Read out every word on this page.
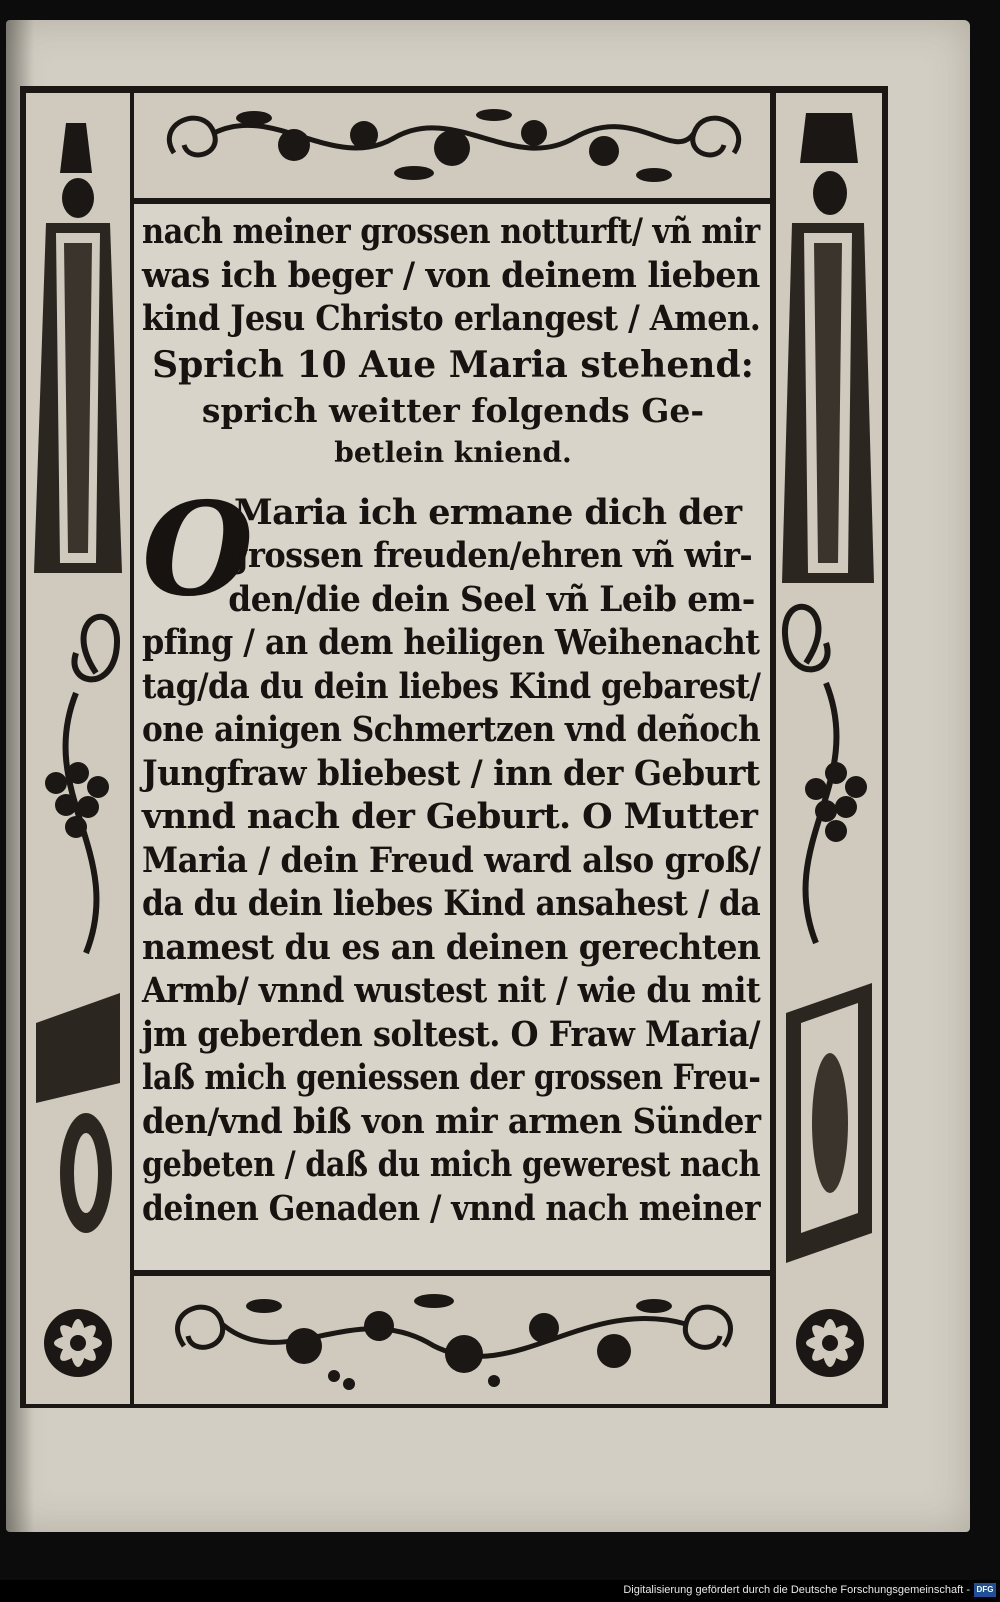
nach meiner grossen notturft/ vñ mir
was ich beger / von deinem lieben
kind Jesu Christo erlangest / Amen.
Sprich 10 Aue Maria stehend:
sprich weitter folgends Ge-
betlein kniend.
O
Maria ich ermane dich der
grossen freuden/ehren vñ wir-
den/die dein Seel vñ Leib em-
pfing / an dem heiligen Weihenacht
tag/da du dein liebes Kind gebarest/
one ainigen Schmertzen vnd deñoch
Jungfraw bliebest / inn der Geburt
vnnd nach der Geburt. O Mutter
Maria / dein Freud ward also groß/
da du dein liebes Kind ansahest / da
namest du es an deinen gerechten
Armb/ vnnd wustest nit / wie du mit
jm geberden soltest. O Fraw Maria/
laß mich geniessen der grossen Freu-
den/vnd biß von mir armen Sünder
gebeten / daß du mich gewerest nach
deinen Genaden / vnnd nach meiner
Digitalisierung gefördert durch die Deutsche Forschungsgemeinschaft - DFG
